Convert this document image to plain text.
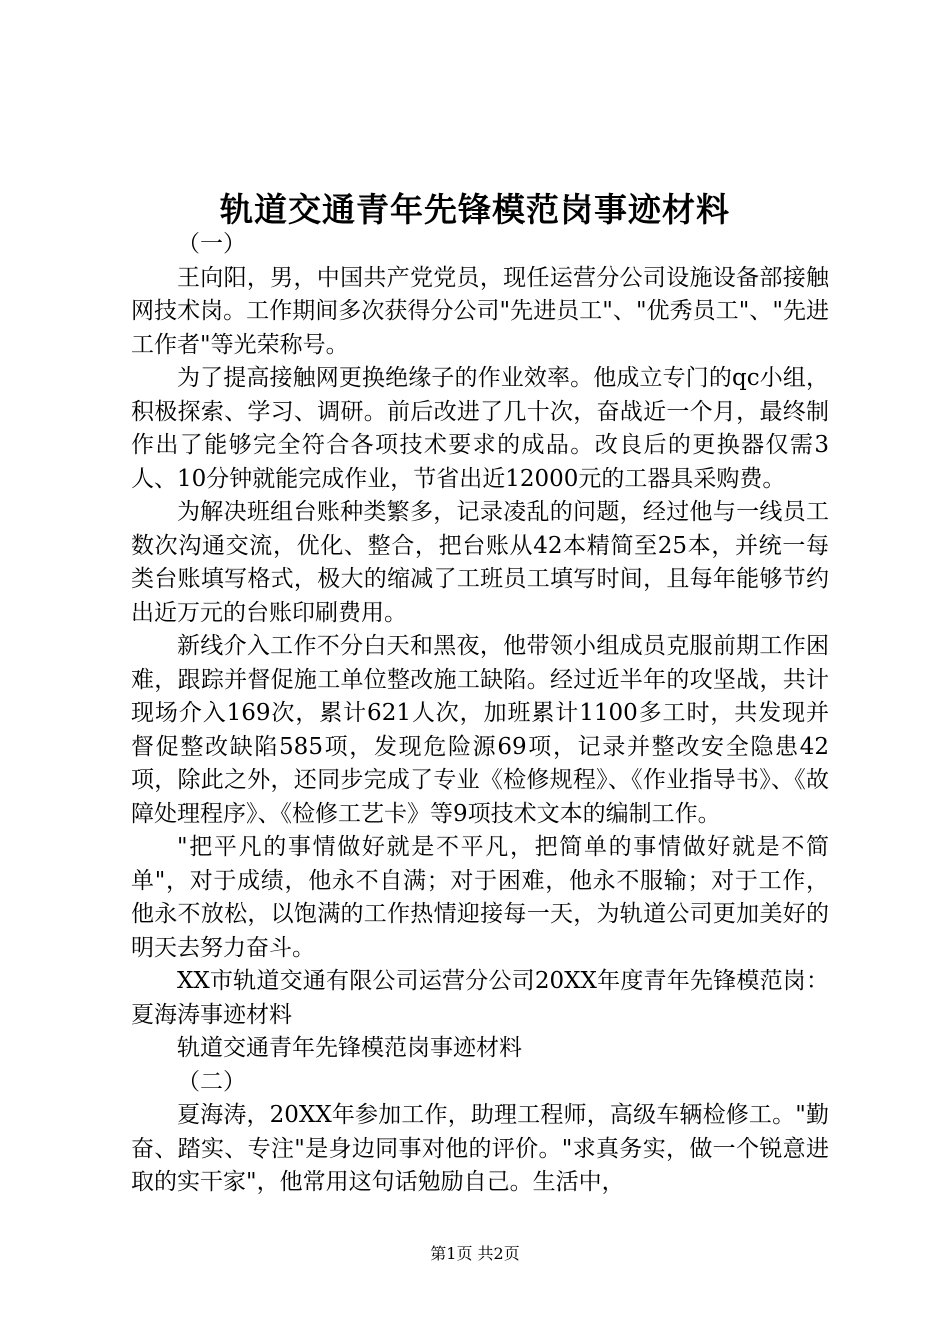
轨道交通青年先锋模范岗事迹材料

（一）

王向阳，男，中国共产党党员，现任运营分公司设施设备部接触网技术岗。工作期间多次获得分公司"先进员工"、"优秀员工"、"先进工作者"等光荣称号。

为了提高接触网更换绝缘子的作业效率。他成立专门的qc小组，积极探索、学习、调研。前后改进了几十次，奋战近一个月，最终制作出了能够完全符合各项技术要求的成品。改良后的更换器仅需3人、10分钟就能完成作业，节省出近12000元的工器具采购费。

为解决班组台账种类繁多，记录凌乱的问题，经过他与一线员工数次沟通交流，优化、整合，把台账从42本精简至25本，并统一每类台账填写格式，极大的缩减了工班员工填写时间，且每年能够节约出近万元的台账印刷费用。

新线介入工作不分白天和黑夜，他带领小组成员克服前期工作困难，跟踪并督促施工单位整改施工缺陷。经过近半年的攻坚战，共计现场介入169次，累计621人次，加班累计1100多工时，共发现并督促整改缺陷585项，发现危险源69项，记录并整改安全隐患42项，除此之外，还同步完成了专业《检修规程》、《作业指导书》、《故障处理程序》、《检修工艺卡》等9项技术文本的编制工作。

"把平凡的事情做好就是不平凡，把简单的事情做好就是不简单"，对于成绩，他永不自满；对于困难，他永不服输；对于工作，他永不放松，以饱满的工作热情迎接每一天，为轨道公司更加美好的明天去努力奋斗。

XX市轨道交通有限公司运营分公司20XX年度青年先锋模范岗：夏海涛事迹材料

轨道交通青年先锋模范岗事迹材料

（二）

夏海涛，20XX年参加工作，助理工程师，高级车辆检修工。"勤奋、踏实、专注"是身边同事对他的评价。"求真务实，做一个锐意进取的实干家"，他常用这句话勉励自己。生活中，

第1页 共2页
